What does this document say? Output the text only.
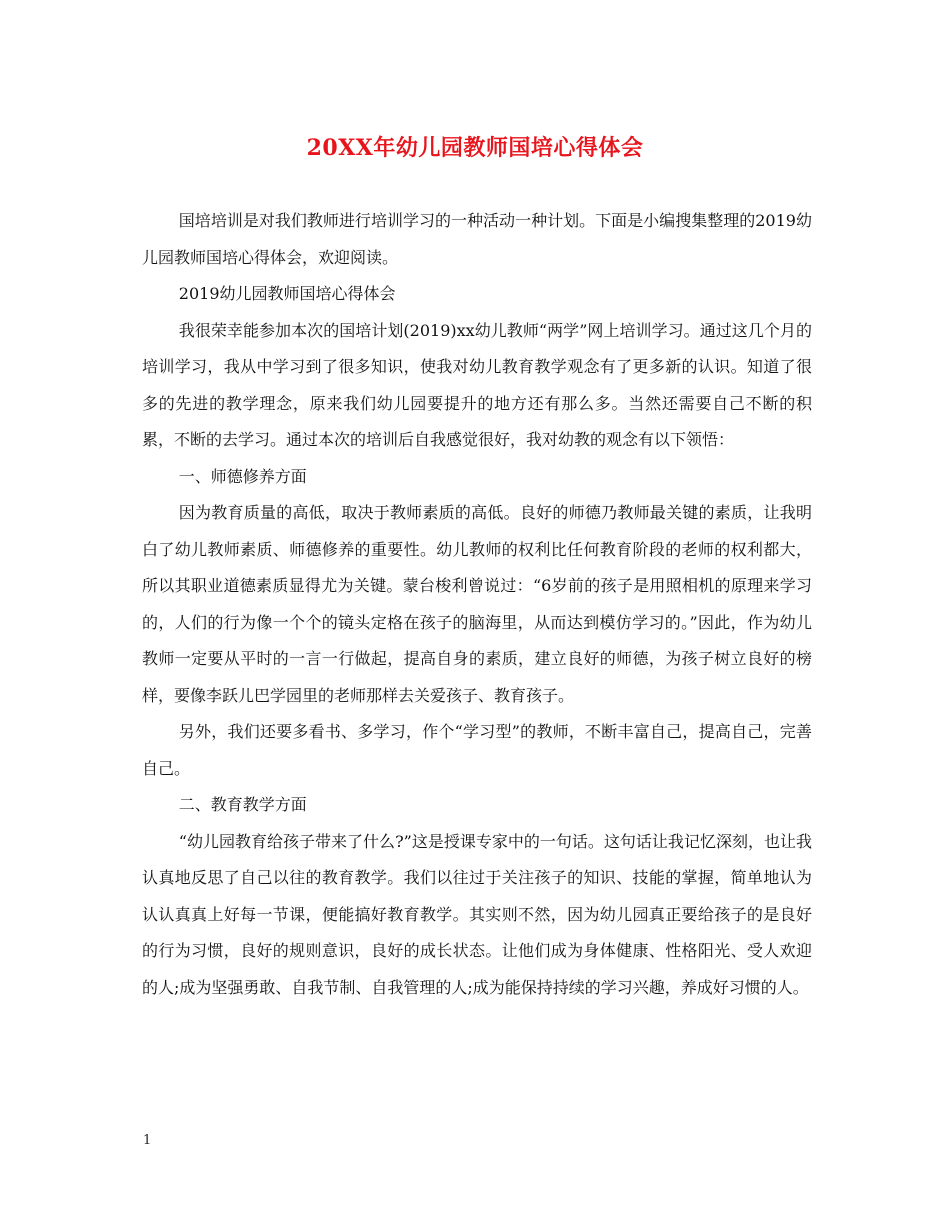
20XX年幼儿园教师国培心得体会

国培培训是对我们教师进行培训学习的一种活动一种计划。下面是小编搜集整理的2019幼儿园教师国培心得体会，欢迎阅读。

2019幼儿园教师国培心得体会

我很荣幸能参加本次的国培计划(2019)xx幼儿教师“两学”网上培训学习。通过这几个月的培训学习，我从中学习到了很多知识，使我对幼儿教育教学观念有了更多新的认识。知道了很多的先进的教学理念，原来我们幼儿园要提升的地方还有那么多。当然还需要自己不断的积累，不断的去学习。通过本次的培训后自我感觉很好，我对幼教的观念有以下领悟：

一、师德修养方面

因为教育质量的高低，取决于教师素质的高低。良好的师德乃教师最关键的素质，让我明白了幼儿教师素质、师德修养的重要性。幼儿教师的权利比任何教育阶段的老师的权利都大，所以其职业道德素质显得尤为关键。蒙台梭利曾说过：“6岁前的孩子是用照相机的原理来学习的，人们的行为像一个个的镜头定格在孩子的脑海里，从而达到模仿学习的。”因此，作为幼儿教师一定要从平时的一言一行做起，提高自身的素质，建立良好的师德，为孩子树立良好的榜样，要像李跃儿巴学园里的老师那样去关爱孩子、教育孩子。

另外，我们还要多看书、多学习，作个“学习型”的教师，不断丰富自己，提高自己，完善自己。

二、教育教学方面

“幼儿园教育给孩子带来了什么?”这是授课专家中的一句话。这句话让我记忆深刻，也让我认真地反思了自己以往的教育教学。我们以往过于关注孩子的知识、技能的掌握，简单地认为认认真真上好每一节课，便能搞好教育教学。其实则不然，因为幼儿园真正要给孩子的是良好的行为习惯，良好的规则意识，良好的成长状态。让他们成为身体健康、性格阳光、受人欢迎的人;成为坚强勇敢、自我节制、自我管理的人;成为能保持持续的学习兴趣，养成好习惯的人。

1
